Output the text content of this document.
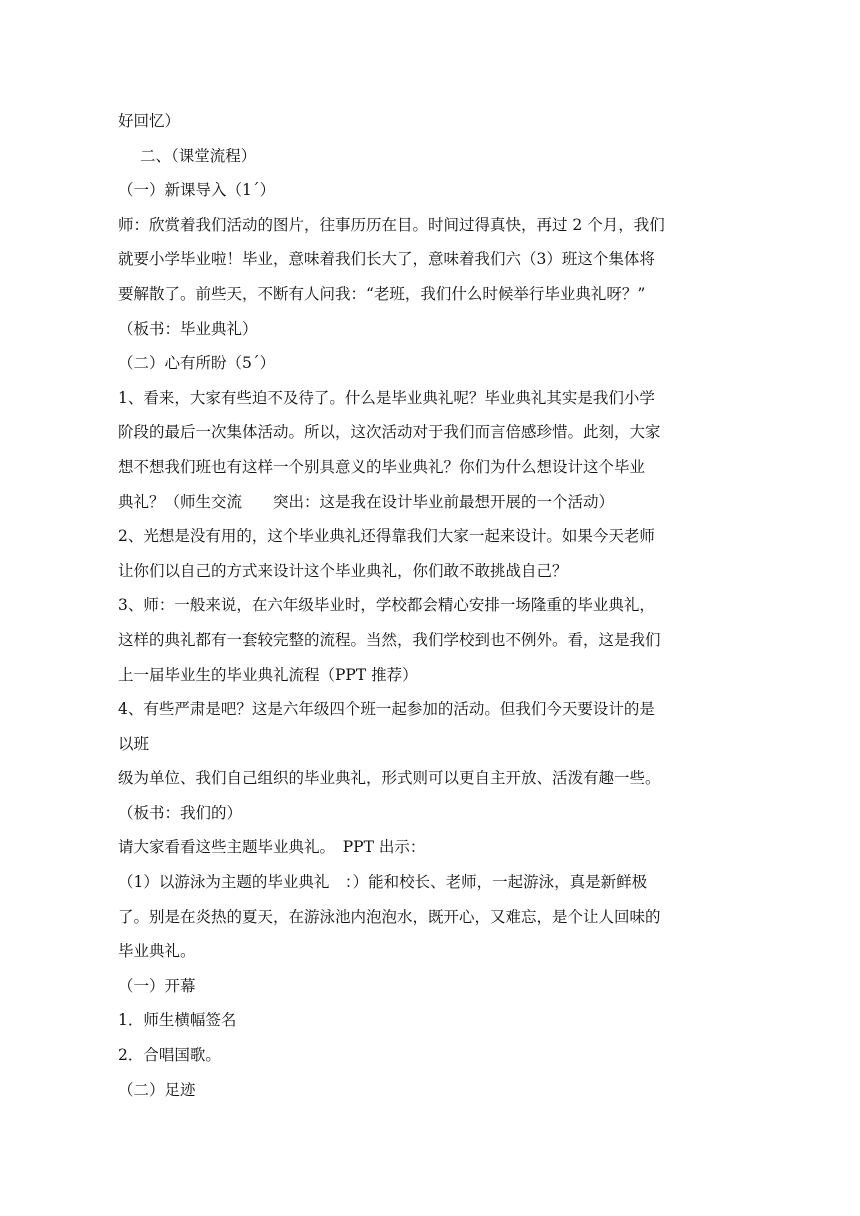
好回忆）
二、（课堂流程）
（一）新课导入（1´）
师：欣赏着我们活动的图片，往事历历在目。时间过得真快，再过 2 个月，我们
就要小学毕业啦！毕业，意味着我们长大了，意味着我们六（3）班这个集体将
要解散了。前些天，不断有人问我：“老班，我们什么时候举行毕业典礼呀？”
（板书：毕业典礼）
（二）心有所盼（5´）
1、看来，大家有些迫不及待了。什么是毕业典礼呢？毕业典礼其实是我们小学
阶段的最后一次集体活动。所以，这次活动对于我们而言倍感珍惜。此刻，大家
想不想我们班也有这样一个别具意义的毕业典礼？你们为什么想设计这个毕业
典礼？（师生交流　　突出：这是我在设计毕业前最想开展的一个活动）
2、光想是没有用的，这个毕业典礼还得靠我们大家一起来设计。如果今天老师
让你们以自己的方式来设计这个毕业典礼，你们敢不敢挑战自己？
3、师：一般来说，在六年级毕业时，学校都会精心安排一场隆重的毕业典礼，
这样的典礼都有一套较完整的流程。当然，我们学校到也不例外。看，这是我们
上一届毕业生的毕业典礼流程（PPT 推荐）
4、有些严肃是吧？这是六年级四个班一起参加的活动。但我们今天要设计的是
以班
级为单位、我们自己组织的毕业典礼，形式则可以更自主开放、活泼有趣一些。
（板书：我们的）
请大家看看这些主题毕业典礼。　PPT 出示：
（1）以游泳为主题的毕业典礼　：）能和校长、老师，一起游泳，真是新鲜极
了。别是在炎热的夏天，在游泳池内泡泡水，既开心，又难忘，是个让人回味的
毕业典礼。
（一）开幕
1．师生横幅签名
2．合唱国歌。
（二）足迹
